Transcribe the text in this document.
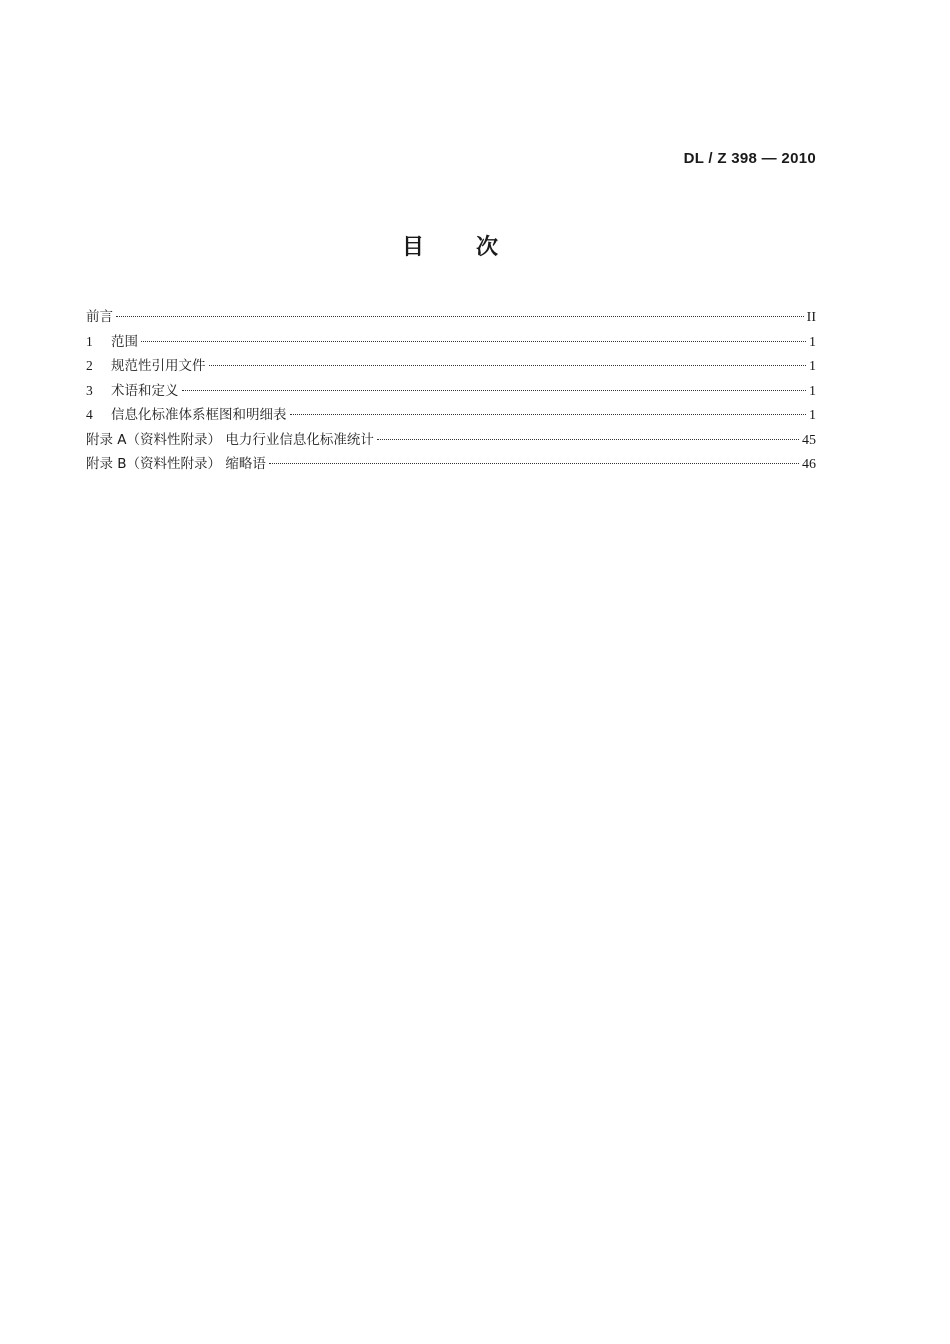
DL / Z 398 — 2010
目 次
前言	II
1	范围	1
2	规范性引用文件	1
3	术语和定义	1
4	信息化标准体系框图和明细表	1
附录 A（资料性附录） 电力行业信息化标准统计	45
附录 B（资料性附录） 缩略语	46
